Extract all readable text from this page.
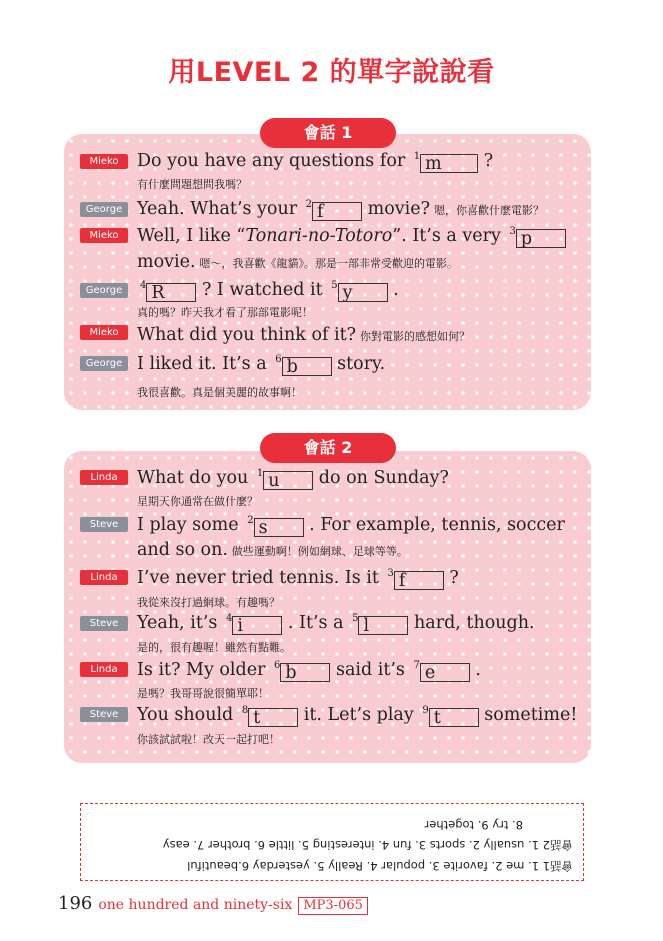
用LEVEL 2 的單字說說看
會話 1
Mieko	Do you have any questions for $^1$ m ?
有什麼問題想問我嗎？
George Yeah. What’s your $^2$ f movie? 嗯，你喜歡什麼電影？
Mieko	Well, I like “Tonari-no-Totoro”. It’s a very $^3$ p
movie. 嗯～，我喜歡《龍貓》。那是一部非常受歡迎的電影。
George	$^4$ R ? I watched it $^5$ y .
真的嗎？昨天我才看了那部電影呢！
Mieko	What did you think of it? 你對電影的感想如何？
George I liked it. It’s a $^6$ b story.
我很喜歡。真是個美麗的故事啊！
會話 2
Linda	What do you $^1$ u do on Sunday?
星期天你通常在做什麼？
Steve	I play some $^2$ s . For example, tennis, soccer
and so on. 做些運動啊！例如網球、足球等等。
Linda	I’ve never tried tennis. Is it $^3$ f ?
我從來沒打過網球。有趣嗎？
Steve	Yeah, it’s $^4$ i . It’s a $^5$ l hard, though.
是的，很有趣喔！雖然有點難。
Linda	Is it? My older $^6$ b said it’s $^7$ e .
是嗎？我哥哥說很簡單耶！
Steve	You should $^8$ t it. Let’s play $^9$ t sometime!
你該試試啦！改天一起打吧！
會話1 1. me 2. favorite 3. popular 4. Really 5. yesterday 6.beautiful
會話2 1. usually 2. sports 3. fun 4. interesting 5. little 6. brother 7. easy
8. try 9. together
196 one hundred and ninety-six MP3-065
